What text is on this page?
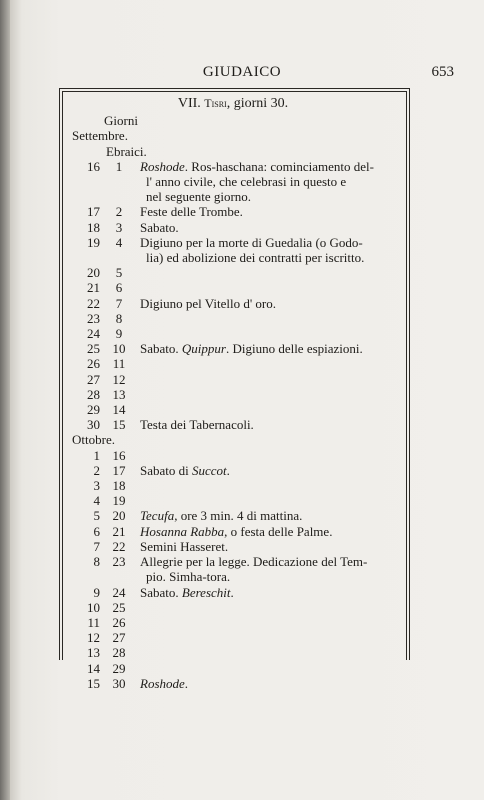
GIUDAICO	653
VII. Tisri, giorni 30.
Giorni
Settembre.
Ebraici.
16	1	Roshode. Ros-haschana: cominciamento del-
l' anno civile, che celebrasi in questo e
nel seguente giorno.
17	2	Feste delle Trombe.
18	3	Sabato.
19	4	Digiuno per la morte di Guedalia (o Godo-
lia) ed abolizione dei contratti per iscritto.
20	5
21	6
22	7	Digiuno pel Vitello d' oro.
23	8
24	9
25 10	Sabato. Quippur. Digiuno delle espiazioni.
26 11
27 12
28 13
29 14
30 15	Testa dei Tabernacoli.
Ottobre.
1 16
2 17	Sabato di Succot.
3 18
4 19
5 20	Tecufa, ore 3 min. 4 di mattina.
6 21	Hosanna Rabba, o festa delle Palme.
7 22	Semini Hasseret.
8 23	Allegrie per la legge. Dedicazione del Tem-
pio. Simha-tora.
9 24	Sabato. Bereschit.
10 25
11 26
12 27
13 28
14 29
15 30	Roshode.
